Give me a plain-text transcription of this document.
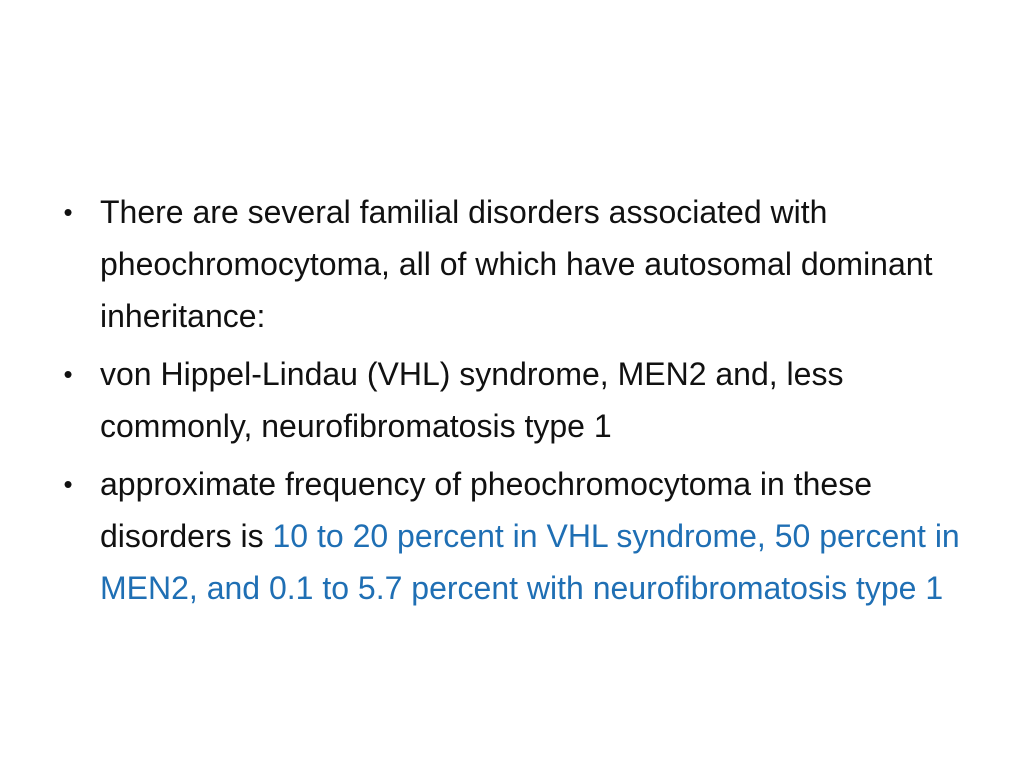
• There are several familial disorders associated with pheochromocytoma, all of which have autosomal dominant inheritance:
• von Hippel-Lindau (VHL) syndrome, MEN2 and, less commonly, neurofibromatosis type 1
• approximate frequency of pheochromocytoma in these disorders is 10 to 20 percent in VHL syndrome, 50 percent in MEN2, and 0.1 to 5.7 percent with neurofibromatosis type 1
